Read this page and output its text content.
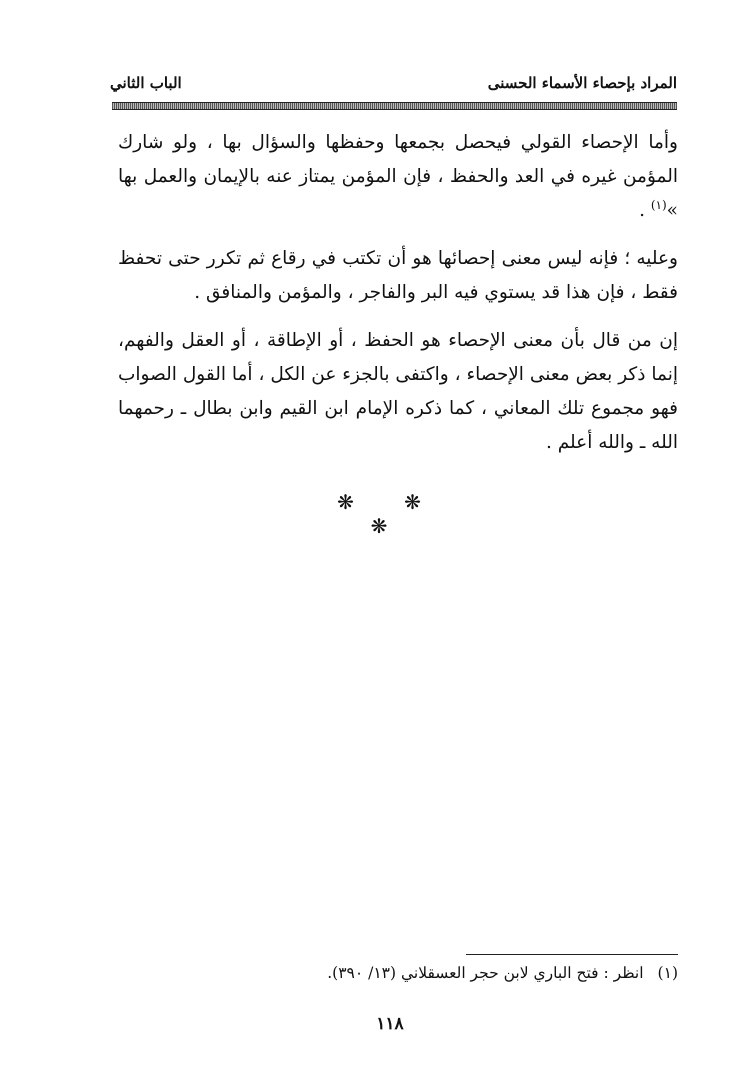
المراد بإحصاء الأسماء الحسنى
الباب الثاني

وأما الإحصاء القولي فيحصل بجمعها وحفظها والسؤال بها ، ولو شارك المؤمن غيره في العد والحفظ ، فإن المؤمن يمتاز عنه بالإيمان والعمل بها »$^{(١)}$ .

وعليه ؛ فإنه ليس معنى إحصائها هو أن تكتب في رقاع ثم تكرر حتى تحفظ فقط ، فإن هذا قد يستوي فيه البر والفاجر ، والمؤمن والمنافق .

إن من قال بأن معنى الإحصاء هو الحفظ ، أو الإطاقة ، أو العقل والفهم، إنما ذكر بعض معنى الإحصاء ، واكتفى بالجزء عن الكل ، أما القول الصواب فهو مجموع تلك المعاني ، كما ذكره الإمام ابن القيم وابن بطال ـ رحمهما الله ـ والله أعلم .

❋ ❋ ❋
(١)انظر : فتح الباري لابن حجر العسقلاني (١٣/ ٣٩٠).
١١٨
